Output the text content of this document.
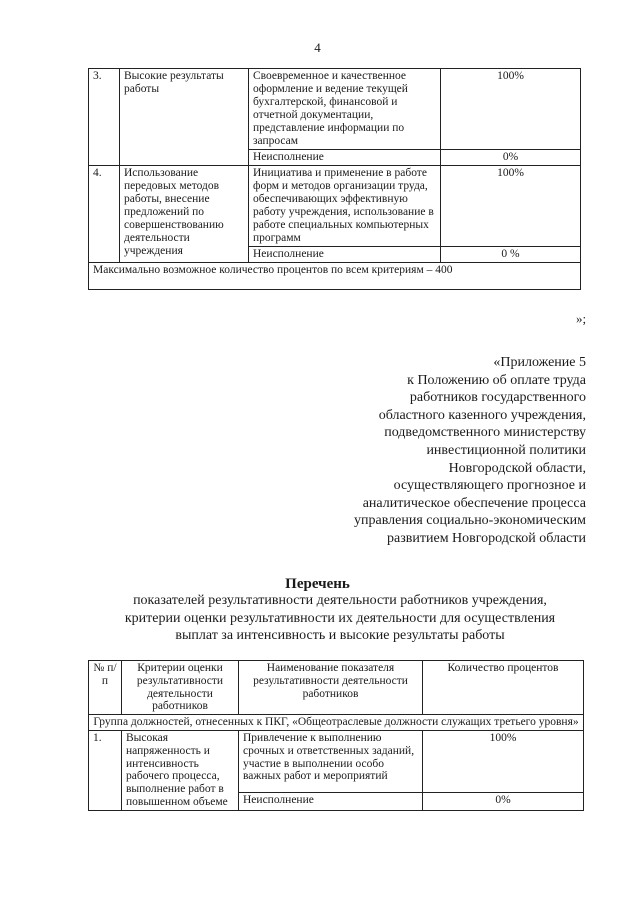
4
3.	Высокие результаты работы	Своевременное и качественное оформление и ведение текущей бухгалтерской, финансовой и отчетной документации, представление информации по запросам	100%
		Неисполнение	0%
4.	Использование передовых методов работы, внесение предложений по совершенствованию деятельности учреждения	Инициатива и применение в работе форм и методов организации труда, обеспечивающих эффективную работу учреждения, использование в работе специальных компьютерных программ	100%
		Неисполнение	0 %
Максимально возможное количество процентов по всем критериям – 400			
»;
«Приложение 5
к Положению об оплате труда
работников государственного
областного казенного учреждения,
подведомственного министерству
инвестиционной политики
Новгородской области,
осуществляющего прогнозное и
аналитическое обеспечение процесса
управления социально-экономическим
развитием Новгородской области
Перечень
показателей результативности деятельности работников учреждения,
критерии оценки результативности их деятельности для осуществления
выплат за интенсивность и высокие результаты работы
№ п/п	Критерии оценки результативности деятельности работников	Наименование показателя результативности деятельности работников	Количество процентов
Группа должностей, отнесенных к ПКГ, «Общеотраслевые должности служащих третьего уровня»			
1.	Высокая напряженность и интенсивность рабочего процесса, выполнение работ в повышенном объеме	Привлечение к выполнению срочных и ответственных заданий, участие в выполнении особо важных работ и мероприятий	100%
		Неисполнение	0%
